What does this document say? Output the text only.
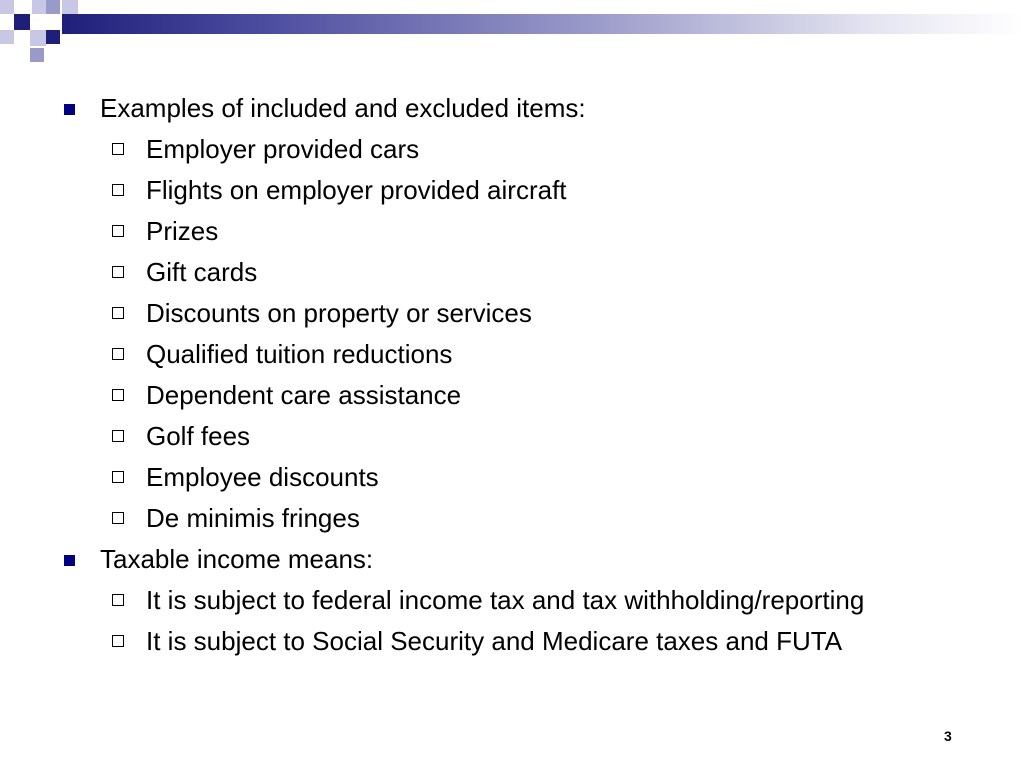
Examples of included and excluded items:
Employer provided cars
Flights on employer provided aircraft
Prizes
Gift cards
Discounts on property or services
Qualified tuition reductions
Dependent care assistance
Golf fees
Employee discounts
De minimis fringes
Taxable income means:
It is subject to federal income tax and tax withholding/reporting
It is subject to Social Security and Medicare taxes and FUTA
3
